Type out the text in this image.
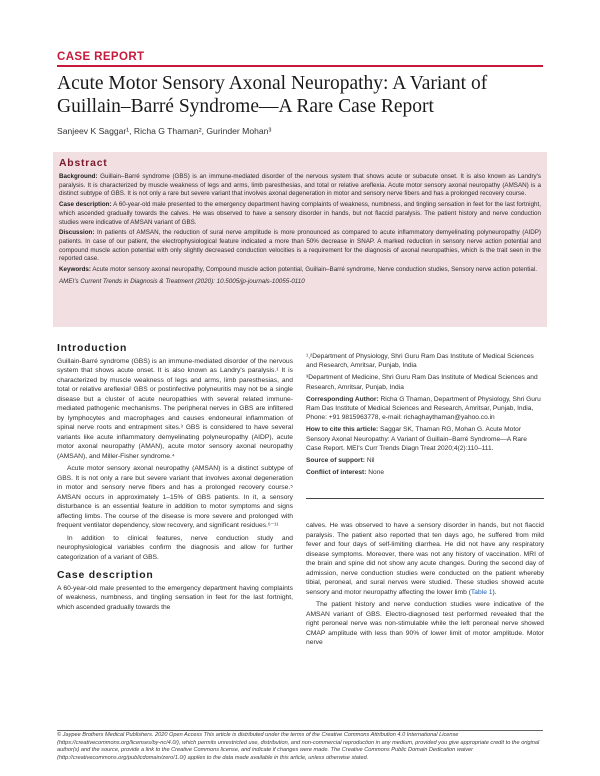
CASE REPORT
Acute Motor Sensory Axonal Neuropathy: A Variant of Guillain–Barré Syndrome—A Rare Case Report
Sanjeev K Saggar¹, Richa G Thaman², Gurinder Mohan³
Abstract

Background: Guillain–Barré syndrome (GBS) is an immune-mediated disorder of the nervous system that shows acute or subacute onset. It is also known as Landry's paralysis. It is characterized by muscle weakness of legs and arms, limb paresthesias, and total or relative areflexia. Acute motor sensory axonal neuropathy (AMSAN) is a distinct subtype of GBS. It is not only a rare but severe variant that involves axonal degeneration in motor and sensory nerve fibers and has a prolonged recovery course.

Case description: A 60-year-old male presented to the emergency department having complaints of weakness, numbness, and tingling sensation in feet for the last fortnight, which ascended gradually towards the calves. He was observed to have a sensory disorder in hands, but not flaccid paralysis. The patient history and nerve conduction studies were indicative of AMSAN variant of GBS.

Discussion: In patients of AMSAN, the reduction of sural nerve amplitude is more pronounced as compared to acute inflammatory demyelinating polyneuropathy (AIDP) patients. In case of our patient, the electrophysiological feature indicated a more than 50% decrease in SNAP. A marked reduction in sensory nerve action potential and compound muscle action potential with only slightly decreased conduction velocities is a requirement for the diagnosis of axonal neuropathies, which is the trait seen in the reported case.

Keywords: Acute motor sensory axonal neuropathy, Compound muscle action potential, Guillain–Barré syndrome, Nerve conduction studies, Sensory nerve action potential.

AMEI's Current Trends in Diagnosis & Treatment (2020): 10.5005/jp-journals-10055-0110
Introduction

Guillain-Barré syndrome (GBS) is an immune-mediated disorder of the nervous system that shows acute onset. It is also known as Landry's paralysis.¹ It is characterized by muscle weakness of legs and arms, limb paresthesias, and total or relative areflexia² GBS or postinfective polyneuritis may not be a single disease but a cluster of acute neuropathies with several related immune-mediated pathogenic mechanisms. The peripheral nerves in GBS are infiltered by lymphocytes and macrophages and causes endoneural inflammation of spinal nerve roots and entrapment sites.³ GBS is considered to have several variants like acute inflammatory demyelinating polyneuropathy (AIDP), acute motor axonal neuropathy (AMAN), acute motor sensory axonal neuropathy (AMSAN), and Miller-Fisher syndrome.⁴

Acute motor sensory axonal neuropathy (AMSAN) is a distinct subtype of GBS. It is not only a rare but severe variant that involves axonal degeneration in motor and sensory nerve fibers and has a prolonged recovery course.⁵ AMSAN occurs in approximately 1–15% of GBS patients. In it, a sensory disturbance is an essential feature in addition to motor symptoms and signs affecting limbs. The course of the disease is more severe and prolonged with frequent ventilator dependency, slow recovery, and significant residues.⁶⁻¹¹

In addition to clinical features, nerve conduction study and neurophysiological variables confirm the diagnosis and allow for further categorization of a variant of GBS.

Case description

A 60-year-old male presented to the emergency department having complaints of weakness, numbness, and tingling sensation in feet for the last fortnight, which ascended gradually towards the

¹,²Department of Physiology, Shri Guru Ram Das Institute of Medical Sciences and Research, Amritsar, Punjab, India

³Department of Medicine, Shri Guru Ram Das Institute of Medical Sciences and Research, Amritsar, Punjab, India

Corresponding Author: Richa G Thaman, Department of Physiology, Shri Guru Ram Das Institute of Medical Sciences and Research, Amritsar, Punjab, India, Phone: +91 9815963778, e-mail: richaghaythaman@yahoo.co.in

How to cite this article: Saggar SK, Thaman RG, Mohan G. Acute Motor Sensory Axonal Neuropathy: A Variant of Guillain–Barré Syndrome—A Rare Case Report. MEI's Curr Trends Diagn Treat 2020;4(2):110–111.

Source of support: Nil

Conflict of interest: None

calves. He was observed to have a sensory disorder in hands, but not flaccid paralysis. The patient also reported that ten days ago, he suffered from mild fever and four days of self-limiting diarrhea. He did not have any respiratory disease symptoms. Moreover, there was not any history of vaccination. MRI of the brain and spine did not show any acute changes. During the second day of admission, nerve conduction studies were conducted on the patient whereby tibial, peroneal, and sural nerves were studied. These studies showed acute sensory and motor neuropathy affecting the lower limb (Table 1).

The patient history and nerve conduction studies were indicative of the AMSAN variant of GBS. Electro-diagnosed test performed revealed that the right peroneal nerve was non-stimulable while the left peroneal nerve showed CMAP amplitude with less than 90% of lower limit of motor amplitude. Motor nerve

© Jaypee Brothers Medical Publishers. 2020 Open Access This article is distributed under the terms of the Creative Commons Attribution 4.0 International License (https://creativecommons.org/licenses/by-nc/4.0/), which permits unrestricted use, distribution, and non-commercial reproduction in any medium, provided you give appropriate credit to the original author(s) and the source, provide a link to the Creative Commons license, and indicate if changes were made. The Creative Commons Public Domain Dedication waiver (http://creativecommons.org/publicdomain/zero/1.0/) applies to the data made available in this article, unless otherwise stated.
